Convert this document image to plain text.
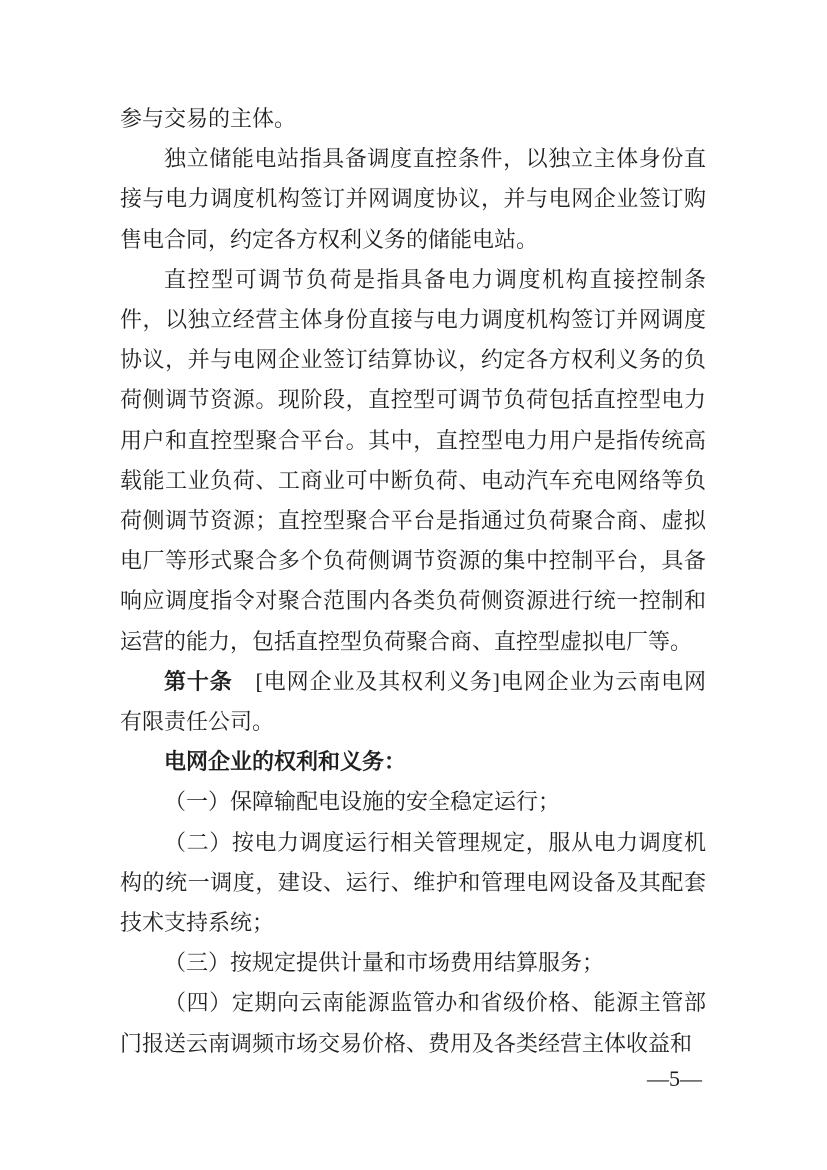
参与交易的主体。

独立储能电站指具备调度直控条件，以独立主体身份直接与电力调度机构签订并网调度协议，并与电网企业签订购售电合同，约定各方权利义务的储能电站。

直控型可调节负荷是指具备电力调度机构直接控制条件，以独立经营主体身份直接与电力调度机构签订并网调度协议，并与电网企业签订结算协议，约定各方权利义务的负荷侧调节资源。现阶段，直控型可调节负荷包括直控型电力用户和直控型聚合平台。其中，直控型电力用户是指传统高载能工业负荷、工商业可中断负荷、电动汽车充电网络等负荷侧调节资源；直控型聚合平台是指通过负荷聚合商、虚拟电厂等形式聚合多个负荷侧调节资源的集中控制平台，具备响应调度指令对聚合范围内各类负荷侧资源进行统一控制和运营的能力，包括直控型负荷聚合商、直控型虚拟电厂等。

第十条　[电网企业及其权利义务]电网企业为云南电网有限责任公司。

电网企业的权利和义务：

（一）保障输配电设施的安全稳定运行；

（二）按电力调度运行相关管理规定，服从电力调度机构的统一调度，建设、运行、维护和管理电网设备及其配套技术支持系统；

（三）按规定提供计量和市场费用结算服务；

（四）定期向云南能源监管办和省级价格、能源主管部门报送云南调频市场交易价格、费用及各类经营主体收益和

—5—
